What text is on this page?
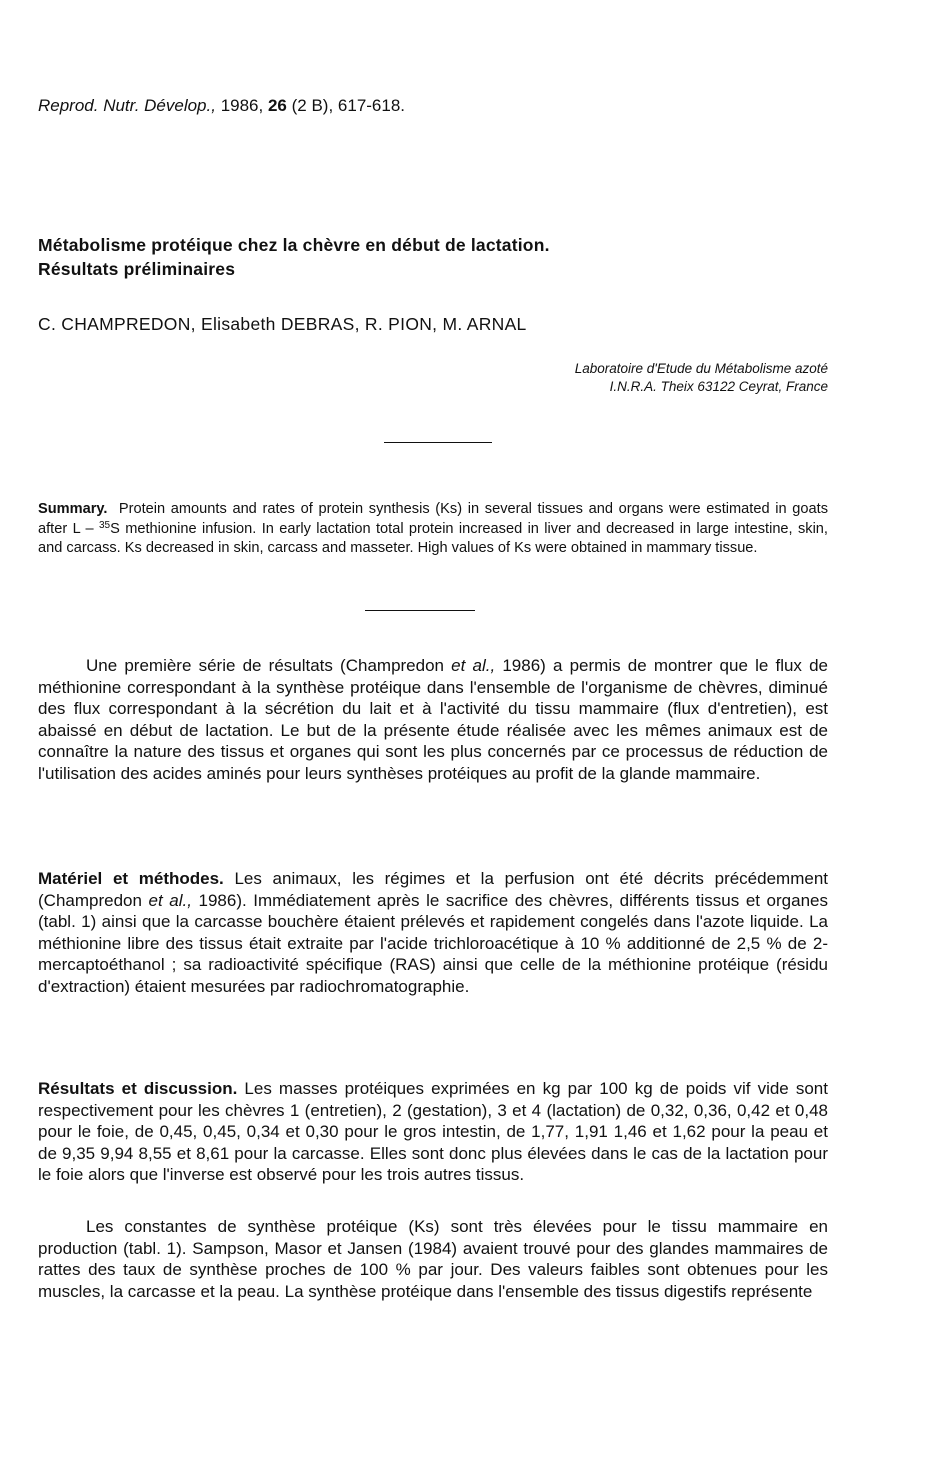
Reprod. Nutr. Dévelop., 1986, 26 (2 B), 617-618.
Métabolisme protéique chez la chèvre en début de lactation.
Résultats préliminaires
C. CHAMPREDON, Elisabeth DEBRAS, R. PION, M. ARNAL
Laboratoire d'Etude du Métabolisme azoté
I.N.R.A. Theix 63122 Ceyrat, France
Summary. Protein amounts and rates of protein synthesis (Ks) in several tissues and organs were estimated in goats after L – $^{35}$S methionine infusion. In early lactation total protein increased in liver and decreased in large intestine, skin, and carcass. Ks decreased in skin, carcass and masseter. High values of Ks were obtained in mammary tissue.
Une première série de résultats (Champredon et al., 1986) a permis de montrer que le flux de méthionine correspondant à la synthèse protéique dans l'ensemble de l'organisme de chèvres, diminué des flux correspondant à la sécrétion du lait et à l'activité du tissu mammaire (flux d'entretien), est abaissé en début de lactation. Le but de la présente étude réalisée avec les mêmes animaux est de connaître la nature des tissus et organes qui sont les plus concernés par ce processus de réduction de l'utilisation des acides aminés pour leurs synthèses protéiques au profit de la glande mammaire.
Matériel et méthodes. Les animaux, les régimes et la perfusion ont été décrits précédemment (Champredon et al., 1986). Immédiatement après le sacrifice des chèvres, différents tissus et organes (tabl. 1) ainsi que la carcasse bouchère étaient prélevés et rapidement congelés dans l'azote liquide. La méthionine libre des tissus était extraite par l'acide trichloroacétique à 10 % additionné de 2,5 % de 2-mercaptoéthanol ; sa radioactivité spécifique (RAS) ainsi que celle de la méthionine protéique (résidu d'extraction) étaient mesurées par radiochromatographie.
Résultats et discussion. Les masses protéiques exprimées en kg par 100 kg de poids vif vide sont respectivement pour les chèvres 1 (entretien), 2 (gestation), 3 et 4 (lactation) de 0,32, 0,36, 0,42 et 0,48 pour le foie, de 0,45, 0,45, 0,34 et 0,30 pour le gros intestin, de 1,77, 1,91 1,46 et 1,62 pour la peau et de 9,35 9,94 8,55 et 8,61 pour la carcasse. Elles sont donc plus élevées dans le cas de la lactation pour le foie alors que l'inverse est observé pour les trois autres tissus.
Les constantes de synthèse protéique (Ks) sont très élevées pour le tissu mammaire en production (tabl. 1). Sampson, Masor et Jansen (1984) avaient trouvé pour des glandes mammaires de rattes des taux de synthèse proches de 100 % par jour. Des valeurs faibles sont obtenues pour les muscles, la carcasse et la peau. La synthèse protéique dans l'ensemble des tissus digestifs représente
